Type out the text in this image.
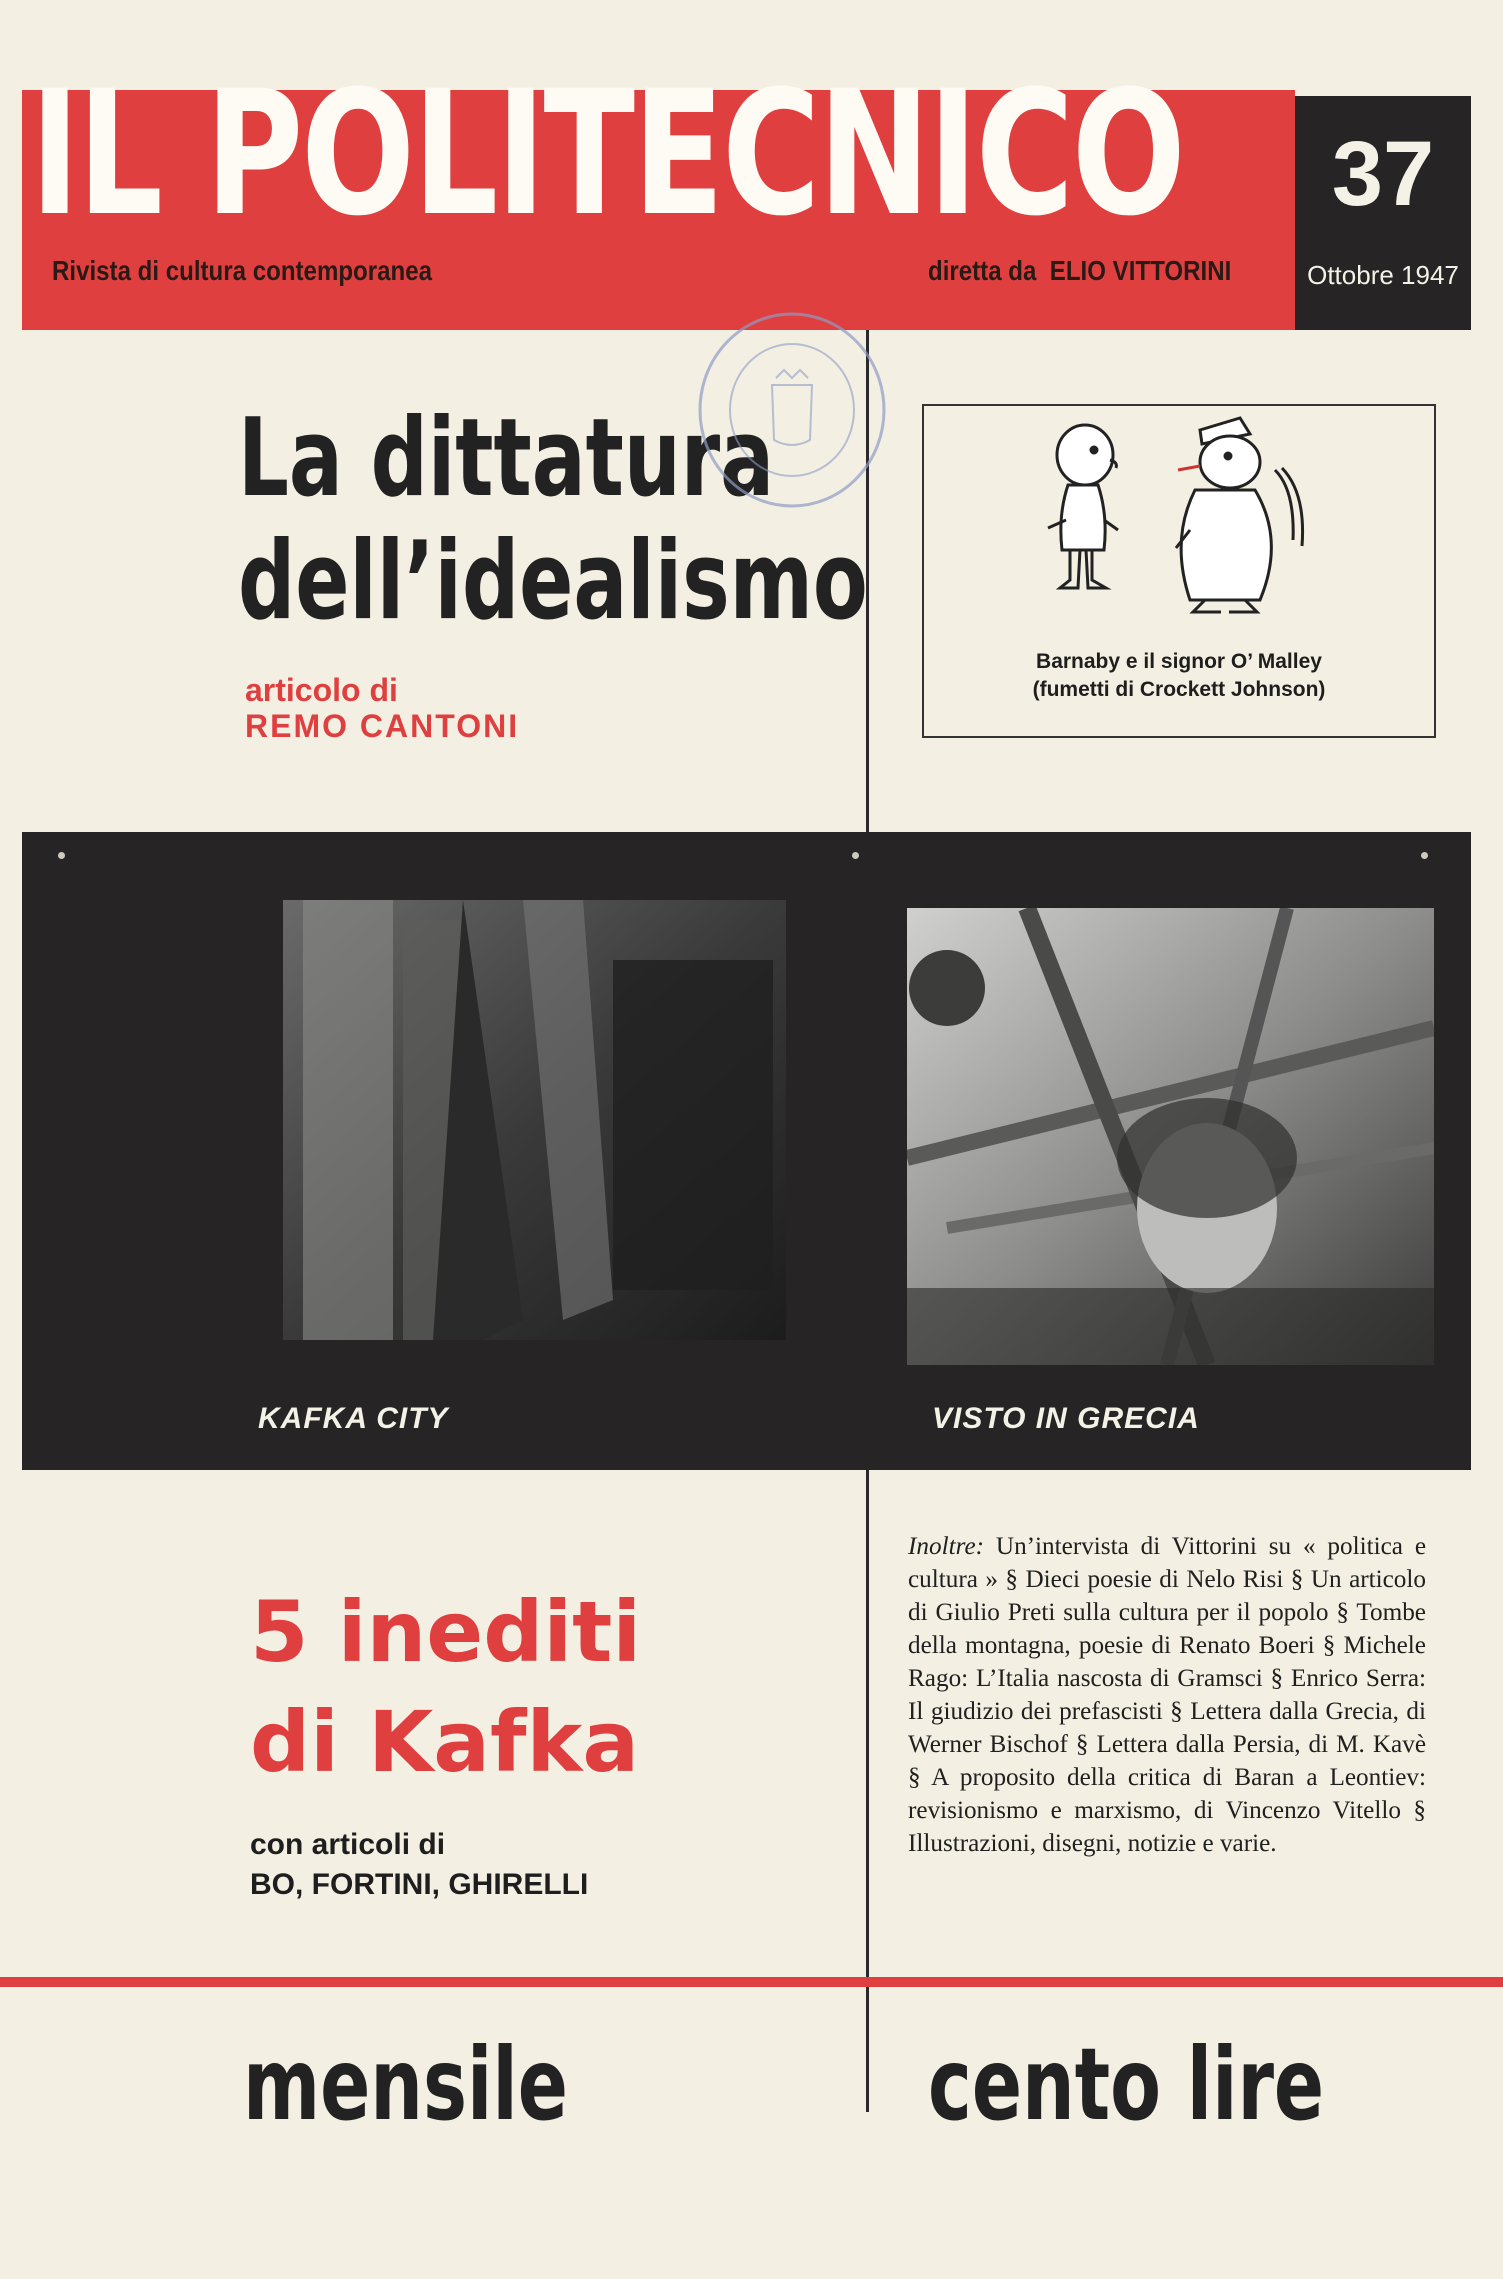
IL POLITECNICO
Rivista di cultura contemporanea	diretta da ELIO VITTORINI
37
Ottobre 1947
La dittatura
dell’idealismo
articolo di
REMO CANTONI
Barnaby e il signor O’ Malley
(fumetti di Crockett Johnson)
KAFKA CITY	VISTO IN GRECIA
5 inediti
di Kafka
con articoli di
BO, FORTINI, GHIRELLI

Inoltre: Un’intervista di Vittorini su « politica e cultura » § Dieci poesie di Nelo Risi § Un articolo di Giulio Preti sulla cultura per il popolo § Tombe della montagna, poesie di Renato Boeri § Michele Rago: L’Italia nascosta di Gramsci § Enrico Serra: Il giudizio dei prefascisti § Lettera dalla Grecia, di Werner Bischof § Lettera dalla Persia, di M. Kavè § A proposito della critica di Baran a Leontiev: revisionismo e marxismo, di Vincenzo Vitello § Illustrazioni, disegni, notizie e varie.

mensile	cento lire
